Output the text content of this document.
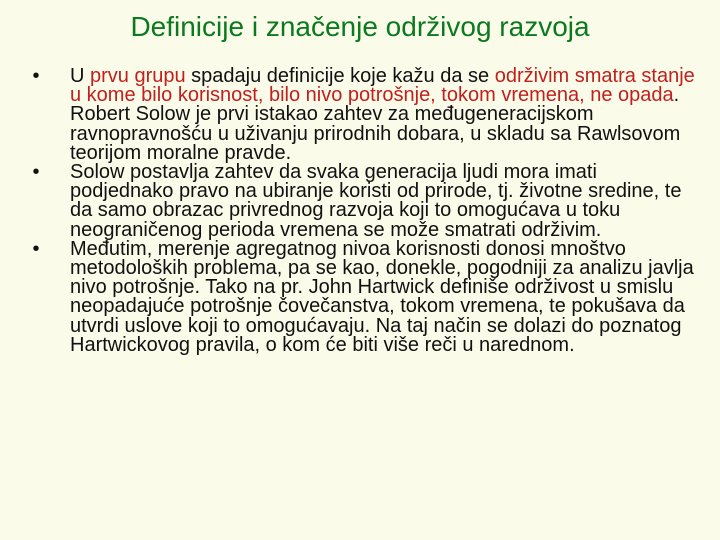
Definicije i značenje održivog razvoja
• U prvu grupu spadaju definicije koje kažu da se održivim smatra stanje u kome bilo korisnost, bilo nivo potrošnje, tokom vremena, ne opada. Robert Solow je prvi istakao zahtev za međugeneracijskom ravnopravnošću u uživanju prirodnih dobara, u skladu sa Rawlsovom teorijom moralne pravde.
• Solow postavlja zahtev da svaka generacija ljudi mora imati podjednako pravo na ubiranje koristi od prirode, tj. životne sredine, te da samo obrazac privrednog razvoja koji to omogućava u toku neograničenog perioda vremena se može smatrati održivim.
• Međutim, merenje agregatnog nivoa korisnosti donosi mnoštvo metodoloških problema, pa se kao, donekle, pogodniji za analizu javlja nivo potrošnje. Tako na pr. John Hartwick definiše održivost u smislu neopadajuće potrošnje čovečanstva, tokom vremena, te pokušava da utvrdi uslove koji to omogućavaju. Na taj način se dolazi do poznatog Hartwickovog pravila, o kom će biti više reči u narednom.
